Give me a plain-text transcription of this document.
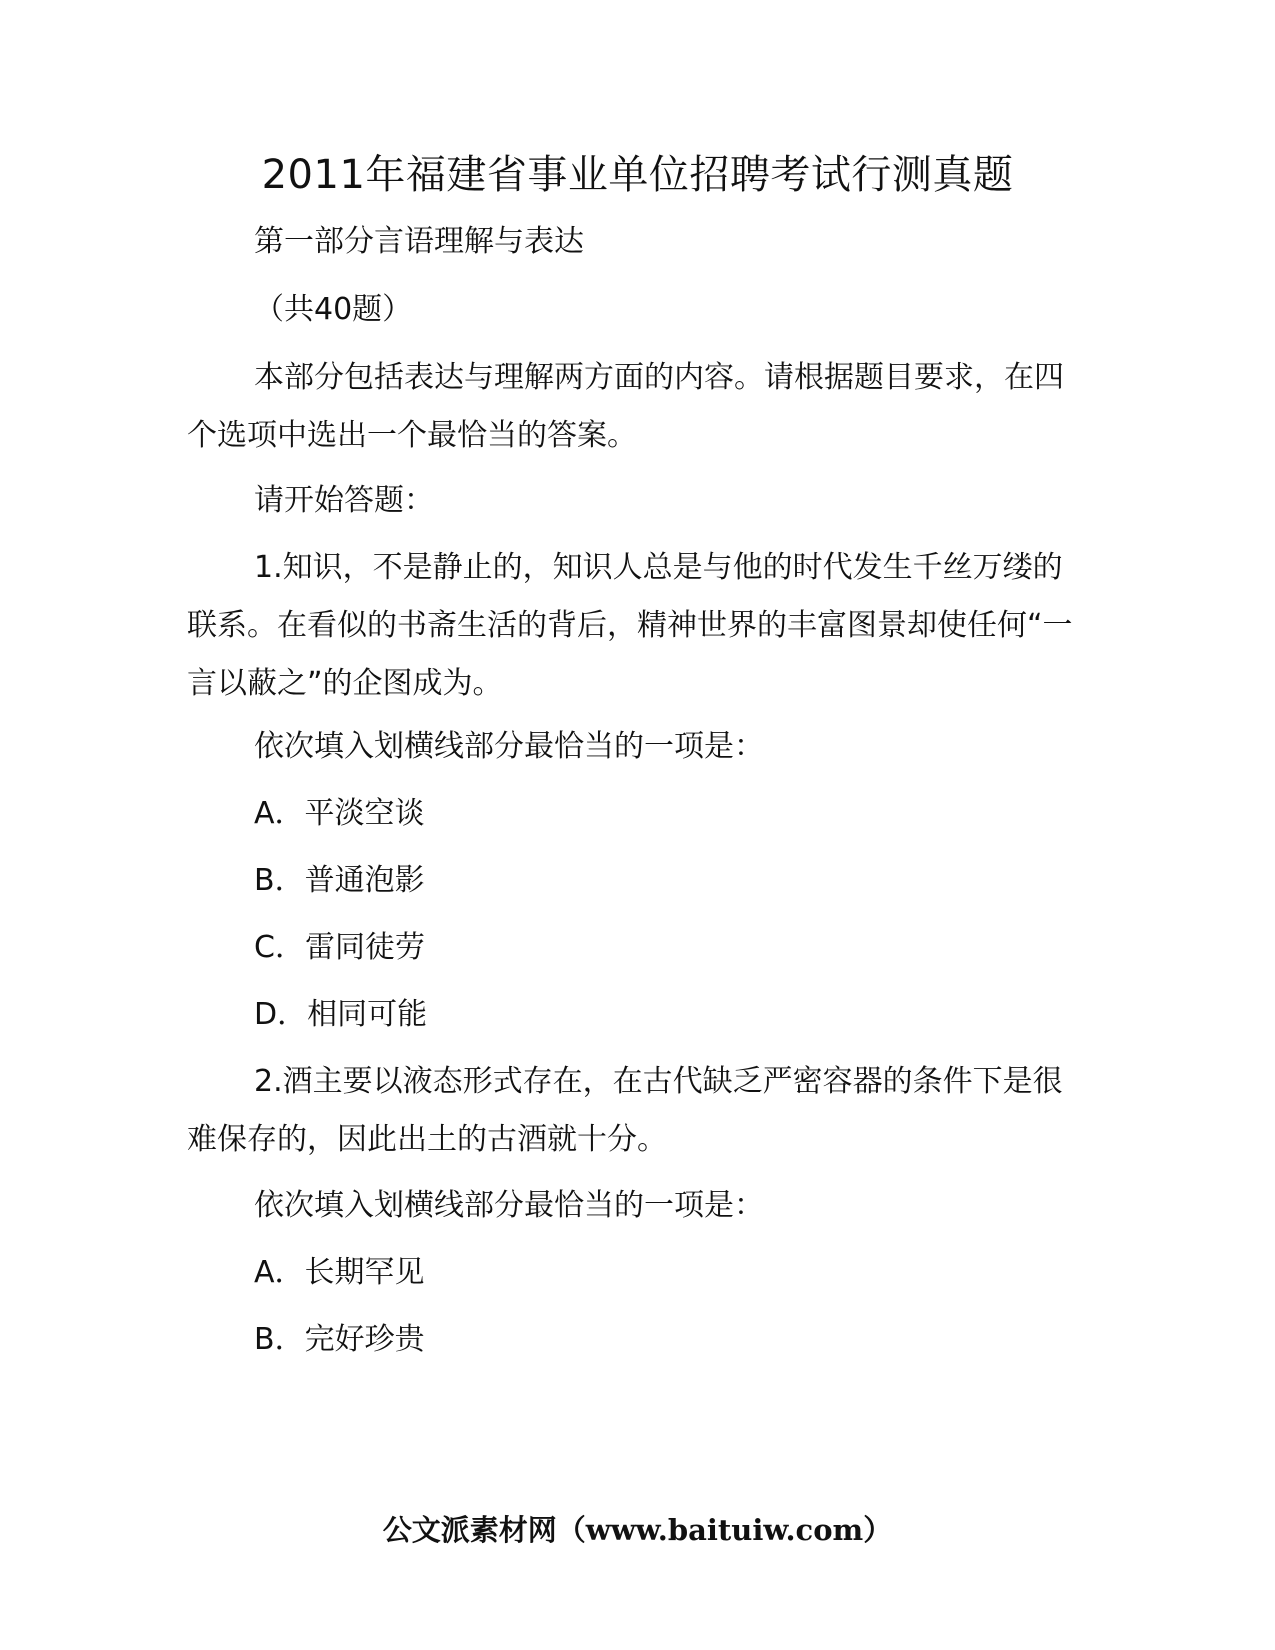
2011年福建省事业单位招聘考试行测真题

第一部分言语理解与表达

（共40题）

本部分包括表达与理解两方面的内容。请根据题目要求，在四个选项中选出一个最恰当的答案。

请开始答题：

1.知识，不是静止的，知识人总是与他的时代发生千丝万缕的联系。在看似的书斋生活的背后，精神世界的丰富图景却使任何“一言以蔽之”的企图成为。

依次填入划横线部分最恰当的一项是：

A．平淡空谈

B．普通泡影

C．雷同徒劳

D．相同可能

2.酒主要以液态形式存在，在古代缺乏严密容器的条件下是很难保存的，因此出土的古酒就十分。

依次填入划横线部分最恰当的一项是：

A．长期罕见

B．完好珍贵

公文派素材网（www.baituiw.com）
